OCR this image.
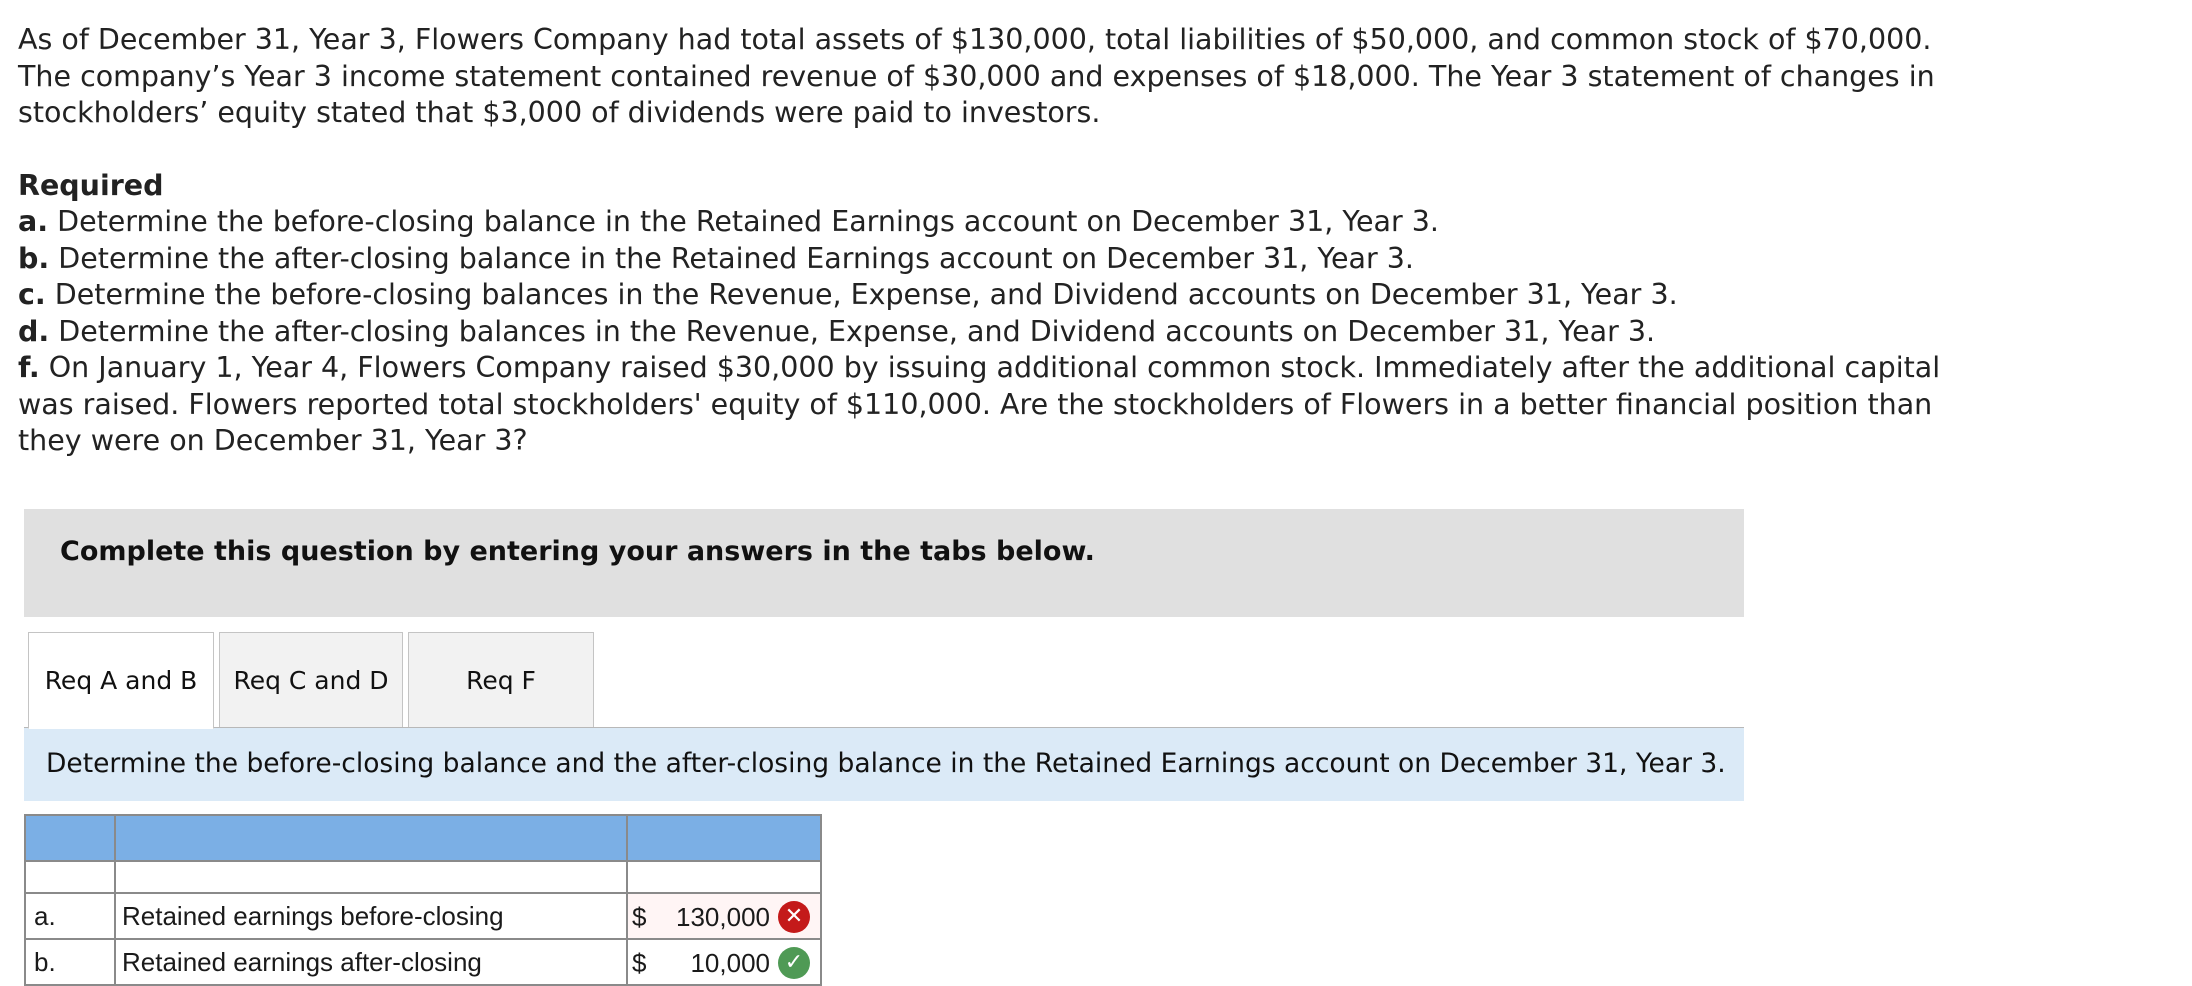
As of December 31, Year 3, Flowers Company had total assets of $130,000, total liabilities of $50,000, and common stock of $70,000. The company’s Year 3 income statement contained revenue of $30,000 and expenses of $18,000. The Year 3 statement of changes in stockholders’ equity stated that $3,000 of dividends were paid to investors.

Required
a. Determine the before-closing balance in the Retained Earnings account on December 31, Year 3.
b. Determine the after-closing balance in the Retained Earnings account on December 31, Year 3.
c. Determine the before-closing balances in the Revenue, Expense, and Dividend accounts on December 31, Year 3.
d. Determine the after-closing balances in the Revenue, Expense, and Dividend accounts on December 31, Year 3.
f. On January 1, Year 4, Flowers Company raised $30,000 by issuing additional common stock. Immediately after the additional capital was raised. Flowers reported total stockholders' equity of $110,000. Are the stockholders of Flowers in a better financial position than they were on December 31, Year 3?
Complete this question by entering your answers in the tabs below.
Req A and B	Req C and D	Req F
Determine the before-closing balance and the after-closing balance in the Retained Earnings account on December 31, Year 3.

a.	Retained earnings before-closing	$ 130,000 ✕

b.	Retained earnings after-closing	$ 10,000 ✓
